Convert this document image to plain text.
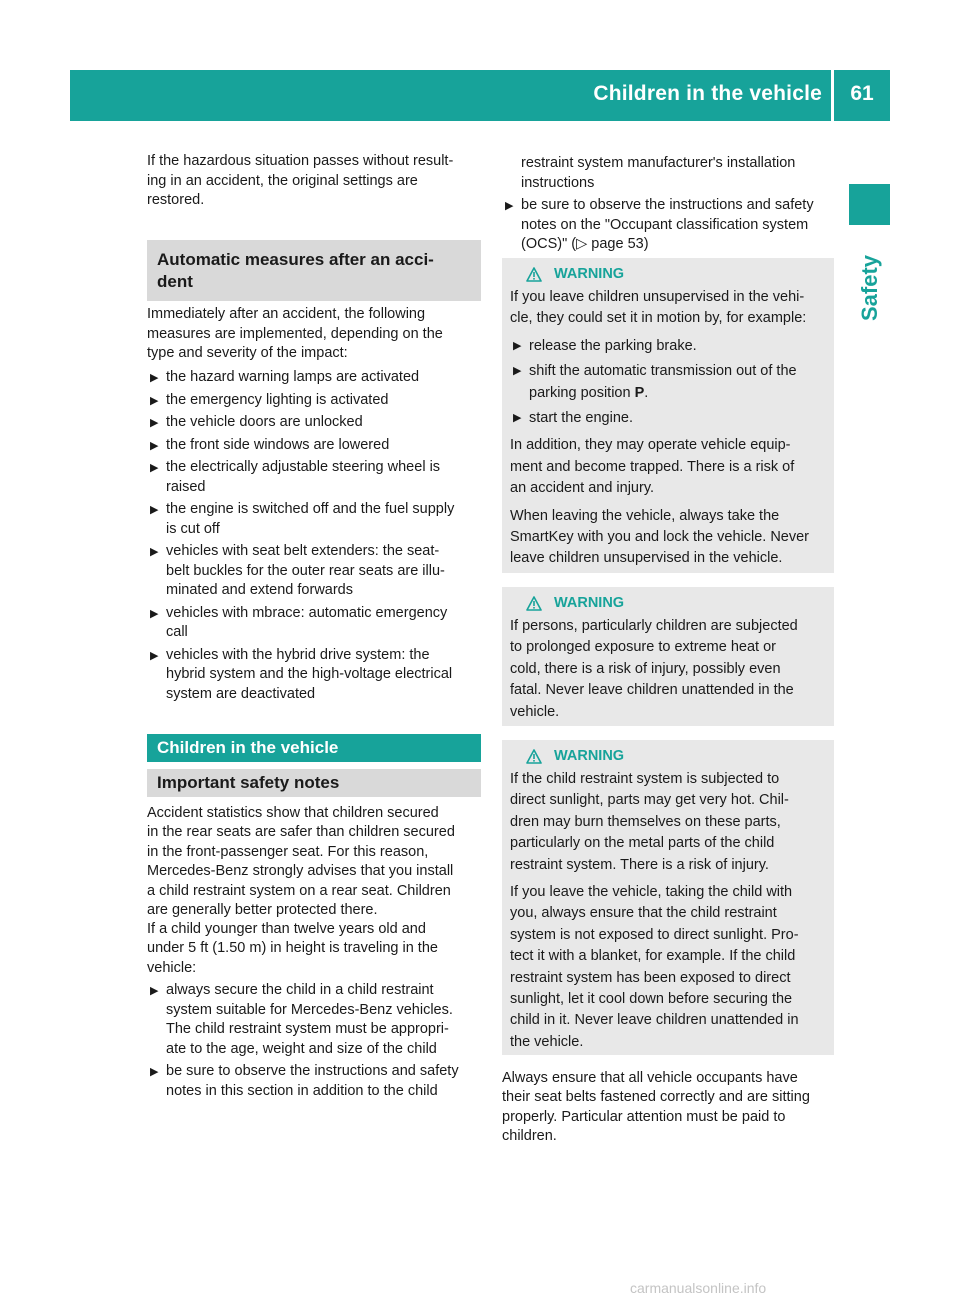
Children in the vehicle	61
Safety

If the hazardous situation passes without result-
ing in an accident, the original settings are
restored.

Automatic measures after an acci-
dent

Immediately after an accident, the following
measures are implemented, depending on the
type and severity of the impact:

▶ the hazard warning lamps are activated
▶ the emergency lighting is activated
▶ the vehicle doors are unlocked
▶ the front side windows are lowered
▶ the electrically adjustable steering wheel is
raised
▶ the engine is switched off and the fuel supply
is cut off
▶ vehicles with seat belt extenders: the seat-
belt buckles for the outer rear seats are illu-
minated and extend forwards
▶ vehicles with mbrace: automatic emergency
call
▶ vehicles with the hybrid drive system: the
hybrid system and the high-voltage electrical
system are deactivated
Children in the vehicle
Important safety notes

Accident statistics show that children secured
in the rear seats are safer than children secured
in the front-passenger seat. For this reason,
Mercedes-Benz strongly advises that you install
a child restraint system on a rear seat. Children
are generally better protected there.

If a child younger than twelve years old and
under 5 ft (1.50 m) in height is traveling in the
vehicle:

▶ always secure the child in a child restraint
system suitable for Mercedes-Benz vehicles.
The child restraint system must be appropri-
ate to the age, weight and size of the child
▶ be sure to observe the instructions and safety
notes in this section in addition to the child
restraint system manufacturer's installation
instructions
▶ be sure to observe the instructions and safety
notes on the "Occupant classification system
(OCS)" (▷ page 53)
WARNING

If you leave children unsupervised in the vehi-
cle, they could set it in motion by, for example:

▶ release the parking brake.
▶ shift the automatic transmission out of the
parking position P.
▶ start the engine.

In addition, they may operate vehicle equip-
ment and become trapped. There is a risk of
an accident and injury.

When leaving the vehicle, always take the
SmartKey with you and lock the vehicle. Never
leave children unsupervised in the vehicle.

WARNING

If persons, particularly children are subjected
to prolonged exposure to extreme heat or
cold, there is a risk of injury, possibly even
fatal. Never leave children unattended in the
vehicle.

WARNING

If the child restraint system is subjected to
direct sunlight, parts may get very hot. Chil-
dren may burn themselves on these parts,
particularly on the metal parts of the child
restraint system. There is a risk of injury.

If you leave the vehicle, taking the child with
you, always ensure that the child restraint
system is not exposed to direct sunlight. Pro-
tect it with a blanket, for example. If the child
restraint system has been exposed to direct
sunlight, let it cool down before securing the
child in it. Never leave children unattended in
the vehicle.

Always ensure that all vehicle occupants have
their seat belts fastened correctly and are sitting
properly. Particular attention must be paid to
children.

carmanualsonline.info
